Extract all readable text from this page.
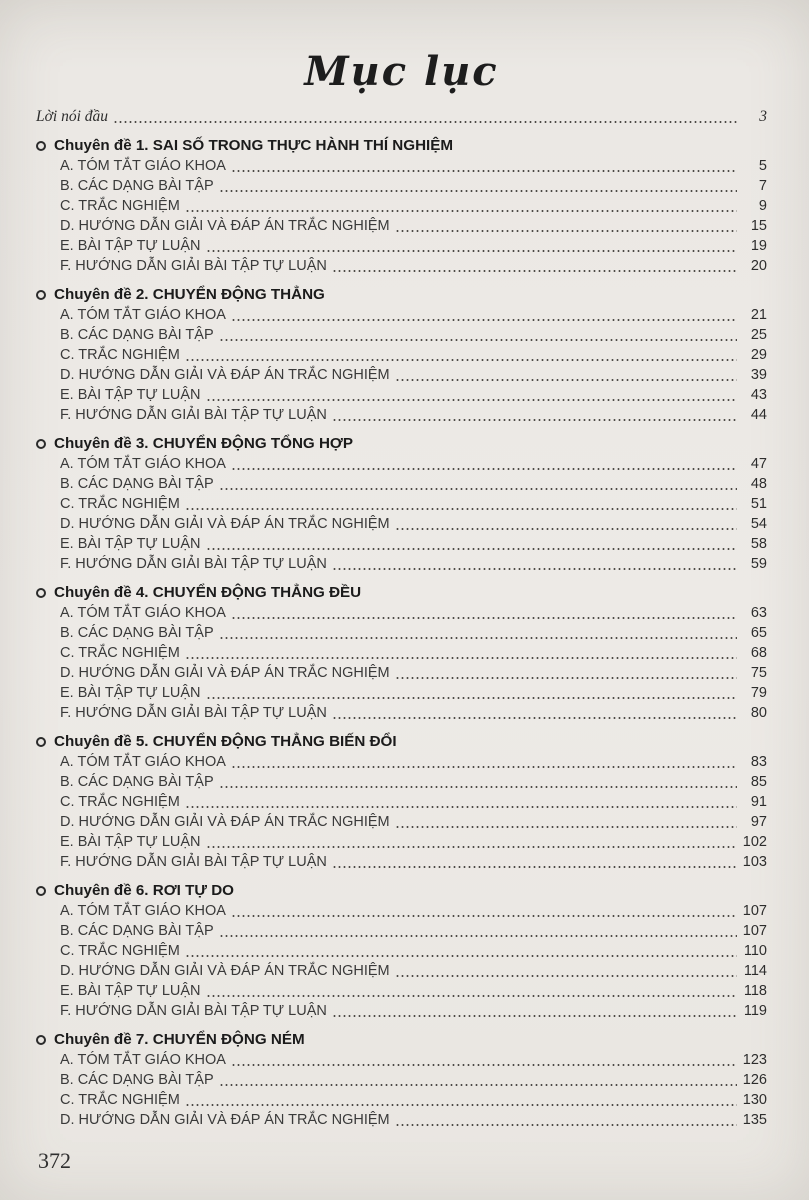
Mục lục
Lời nói đầu	3
Chuyên đề 1. SAI SỐ TRONG THỰC HÀNH THÍ NGHIỆM
A. TÓM TẮT GIÁO KHOA	5
B. CÁC DẠNG BÀI TẬP	7
C. TRẮC NGHIỆM	9
D. HƯỚNG DẪN GIẢI VÀ ĐÁP ÁN TRẮC NGHIỆM	15
E. BÀI TẬP TỰ LUẬN	19
F. HƯỚNG DẪN GIẢI BÀI TẬP TỰ LUẬN	20
Chuyên đề 2. CHUYỂN ĐỘNG THẲNG
A. TÓM TẮT GIÁO KHOA	21
B. CÁC DẠNG BÀI TẬP	25
C. TRẮC NGHIỆM	29
D. HƯỚNG DẪN GIẢI VÀ ĐÁP ÁN TRẮC NGHIỆM	39
E. BÀI TẬP TỰ LUẬN	43
F. HƯỚNG DẪN GIẢI BÀI TẬP TỰ LUẬN	44
Chuyên đề 3. CHUYỂN ĐỘNG TỔNG HỢP
A. TÓM TẮT GIÁO KHOA	47
B. CÁC DẠNG BÀI TẬP	48
C. TRẮC NGHIỆM	51
D. HƯỚNG DẪN GIẢI VÀ ĐÁP ÁN TRẮC NGHIỆM	54
E. BÀI TẬP TỰ LUẬN	58
F. HƯỚNG DẪN GIẢI BÀI TẬP TỰ LUẬN	59
Chuyên đề 4. CHUYỂN ĐỘNG THẲNG ĐỀU
A. TÓM TẮT GIÁO KHOA	63
B. CÁC DẠNG BÀI TẬP	65
C. TRẮC NGHIỆM	68
D. HƯỚNG DẪN GIẢI VÀ ĐÁP ÁN TRẮC NGHIỆM	75
E. BÀI TẬP TỰ LUẬN	79
F. HƯỚNG DẪN GIẢI BÀI TẬP TỰ LUẬN	80
Chuyên đề 5. CHUYỂN ĐỘNG THẲNG BIẾN ĐỔI
A. TÓM TẮT GIÁO KHOA	83
B. CÁC DẠNG BÀI TẬP	85
C. TRẮC NGHIỆM	91
D. HƯỚNG DẪN GIẢI VÀ ĐÁP ÁN TRẮC NGHIỆM	97
E. BÀI TẬP TỰ LUẬN	102
F. HƯỚNG DẪN GIẢI BÀI TẬP TỰ LUẬN	103
Chuyên đề 6. RƠI TỰ DO
A. TÓM TẮT GIÁO KHOA	107
B. CÁC DẠNG BÀI TẬP	107
C. TRẮC NGHIỆM	110
D. HƯỚNG DẪN GIẢI VÀ ĐÁP ÁN TRẮC NGHIỆM	114
E. BÀI TẬP TỰ LUẬN	118
F. HƯỚNG DẪN GIẢI BÀI TẬP TỰ LUẬN	119
Chuyên đề 7. CHUYỂN ĐỘNG NÉM
A. TÓM TẮT GIÁO KHOA	123
B. CÁC DẠNG BÀI TẬP	126
C. TRẮC NGHIỆM	130
D. HƯỚNG DẪN GIẢI VÀ ĐÁP ÁN TRẮC NGHIỆM	135
372
